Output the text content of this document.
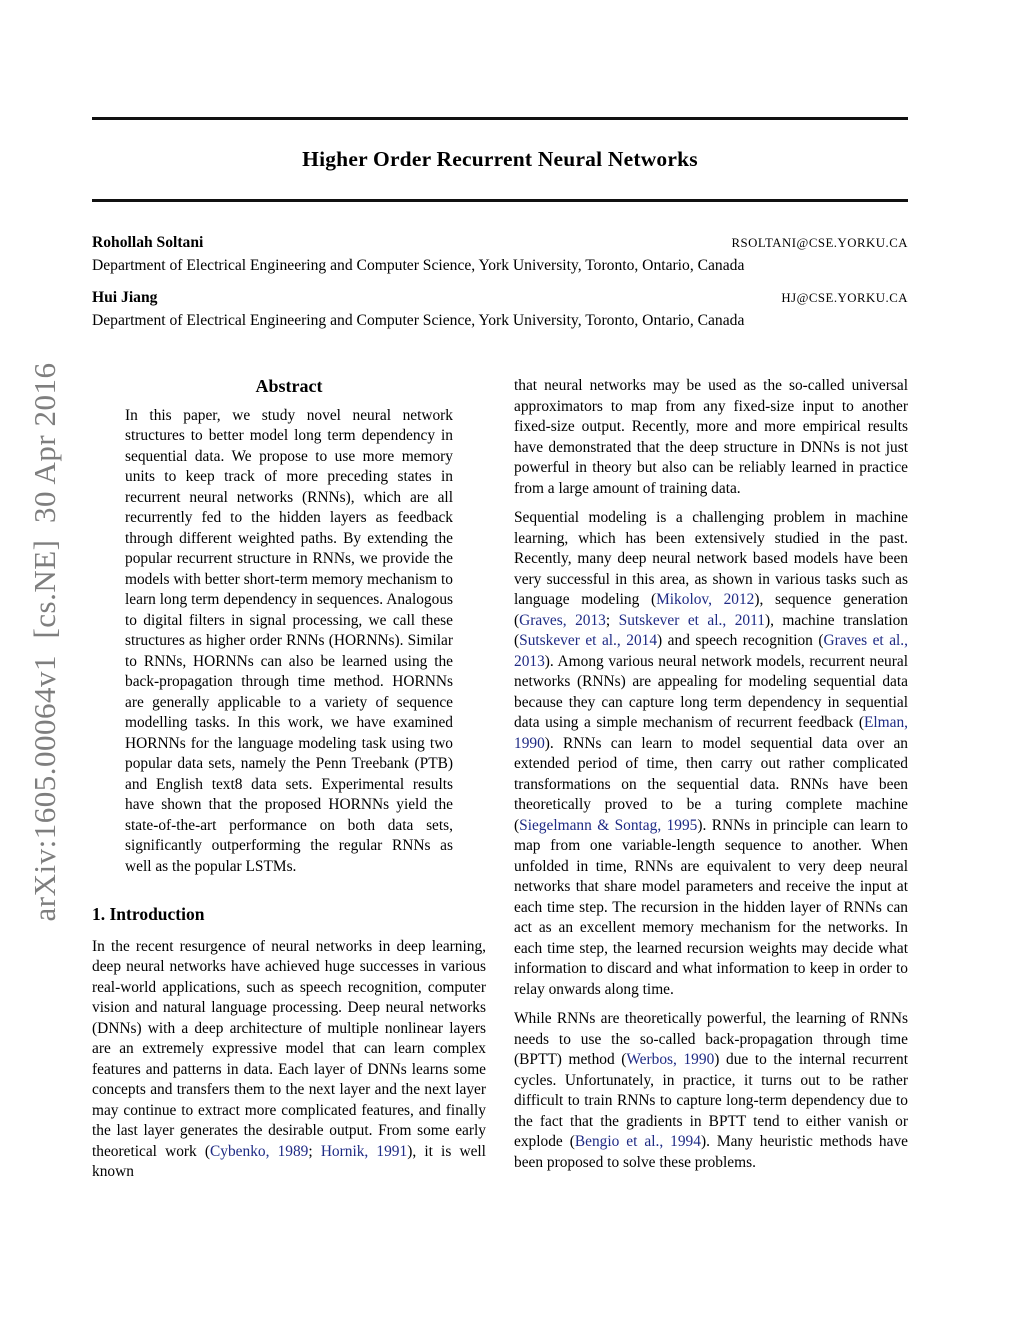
arXiv:1605.00064v1  [cs.NE]  30 Apr 2016
Higher Order Recurrent Neural Networks
Rohollah Soltani	RSOLTANI@CSE.YORKU.CA
Department of Electrical Engineering and Computer Science, York University, Toronto, Ontario, Canada
Hui Jiang	HJ@CSE.YORKU.CA
Department of Electrical Engineering and Computer Science, York University, Toronto, Ontario, Canada
Abstract

In this paper, we study novel neural network structures to better model long term dependency in sequential data. We propose to use more memory units to keep track of more preceding states in recurrent neural networks (RNNs), which are all recurrently fed to the hidden layers as feedback through different weighted paths. By extending the popular recurrent structure in RNNs, we provide the models with better short-term memory mechanism to learn long term dependency in sequences. Analogous to digital filters in signal processing, we call these structures as higher order RNNs (HORNNs). Similar to RNNs, HORNNs can also be learned using the back-propagation through time method. HORNNs are generally applicable to a variety of sequence modelling tasks. In this work, we have examined HORNNs for the language modeling task using two popular data sets, namely the Penn Treebank (PTB) and English text8 data sets. Experimental results have shown that the proposed HORNNs yield the state-of-the-art performance on both data sets, significantly outperforming the regular RNNs as well as the popular LSTMs.

1. Introduction

In the recent resurgence of neural networks in deep learning, deep neural networks have achieved huge successes in various real-world applications, such as speech recognition, computer vision and natural language processing. Deep neural networks (DNNs) with a deep architecture of multiple nonlinear layers are an extremely expressive model that can learn complex features and patterns in data. Each layer of DNNs learns some concepts and transfers them to the next layer and the next layer may continue to extract more complicated features, and finally the last layer generates the desirable output. From some early theoretical work (Cybenko, 1989; Hornik, 1991), it is well known

that neural networks may be used as the so-called universal approximators to map from any fixed-size input to another fixed-size output. Recently, more and more empirical results have demonstrated that the deep structure in DNNs is not just powerful in theory but also can be reliably learned in practice from a large amount of training data.

Sequential modeling is a challenging problem in machine learning, which has been extensively studied in the past. Recently, many deep neural network based models have been very successful in this area, as shown in various tasks such as language modeling (Mikolov, 2012), sequence generation (Graves, 2013; Sutskever et al., 2011), machine translation (Sutskever et al., 2014) and speech recognition (Graves et al., 2013). Among various neural network models, recurrent neural networks (RNNs) are appealing for modeling sequential data because they can capture long term dependency in sequential data using a simple mechanism of recurrent feedback (Elman, 1990). RNNs can learn to model sequential data over an extended period of time, then carry out rather complicated transformations on the sequential data. RNNs have been theoretically proved to be a turing complete machine (Siegelmann & Sontag, 1995). RNNs in principle can learn to map from one variable-length sequence to another. When unfolded in time, RNNs are equivalent to very deep neural networks that share model parameters and receive the input at each time step. The recursion in the hidden layer of RNNs can act as an excellent memory mechanism for the networks. In each time step, the learned recursion weights may decide what information to discard and what information to keep in order to relay onwards along time.

While RNNs are theoretically powerful, the learning of RNNs needs to use the so-called back-propagation through time (BPTT) method (Werbos, 1990) due to the internal recurrent cycles. Unfortunately, in practice, it turns out to be rather difficult to train RNNs to capture long-term dependency due to the fact that the gradients in BPTT tend to either vanish or explode (Bengio et al., 1994). Many heuristic methods have been proposed to solve these problems.
